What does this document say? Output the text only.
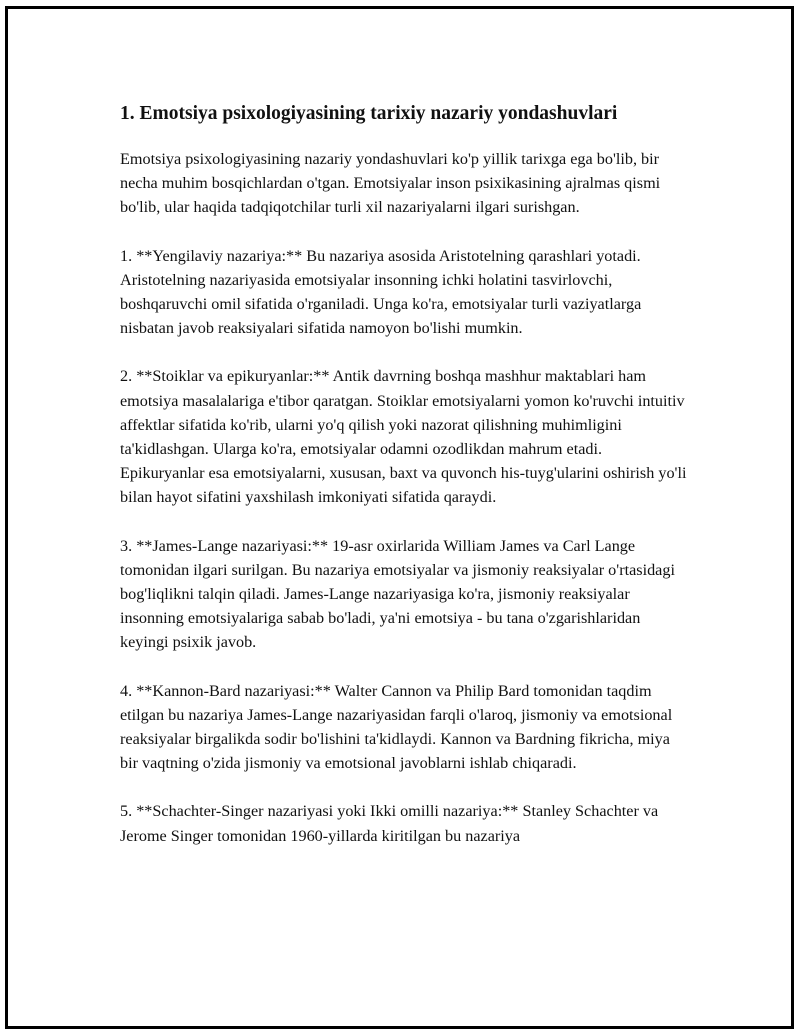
1. Emotsiya psixologiyasining tarixiy nazariy yondashuvlari

Emotsiya psixologiyasining nazariy yondashuvlari ko'p yillik tarixga ega bo'lib, bir necha muhim bosqichlardan o'tgan. Emotsiyalar inson psixikasining ajralmas qismi bo'lib, ular haqida tadqiqotchilar turli xil nazariyalarni ilgari surishgan.

1. **Yengilaviy nazariya:** Bu nazariya asosida Aristotelning qarashlari yotadi. Aristotelning nazariyasida emotsiyalar insonning ichki holatini tasvirlovchi, boshqaruvchi omil sifatida o'rganiladi. Unga ko'ra, emotsiyalar turli vaziyatlarga nisbatan javob reaksiyalari sifatida namoyon bo'lishi mumkin.

2. **Stoiklar va epikuryanlar:** Antik davrning boshqa mashhur maktablari ham emotsiya masalalariga e'tibor qaratgan. Stoiklar emotsiyalarni yomon ko'ruvchi intuitiv affektlar sifatida ko'rib, ularni yo'q qilish yoki nazorat qilishning muhimligini ta'kidlashgan. Ularga ko'ra, emotsiyalar odamni ozodlikdan mahrum etadi. Epikuryanlar esa emotsiyalarni, xususan, baxt va quvonch his-tuyg'ularini oshirish yo'li bilan hayot sifatini yaxshilash imkoniyati sifatida qaraydi.

3. **James-Lange nazariyasi:** 19-asr oxirlarida William James va Carl Lange tomonidan ilgari surilgan. Bu nazariya emotsiyalar va jismoniy reaksiyalar o'rtasidagi bog'liqlikni talqin qiladi. James-Lange nazariyasiga ko'ra, jismoniy reaksiyalar insonning emotsiyalariga sabab bo'ladi, ya'ni emotsiya - bu tana o'zgarishlaridan keyingi psixik javob.

4. **Kannon-Bard nazariyasi:** Walter Cannon va Philip Bard tomonidan taqdim etilgan bu nazariya James-Lange nazariyasidan farqli o'laroq, jismoniy va emotsional reaksiyalar birgalikda sodir bo'lishini ta'kidlaydi. Kannon va Bardning fikricha, miya bir vaqtning o'zida jismoniy va emotsional javoblarni ishlab chiqaradi.

5. **Schachter-Singer nazariyasi yoki Ikki omilli nazariya:** Stanley Schachter va Jerome Singer tomonidan 1960-yillarda kiritilgan bu nazariya
